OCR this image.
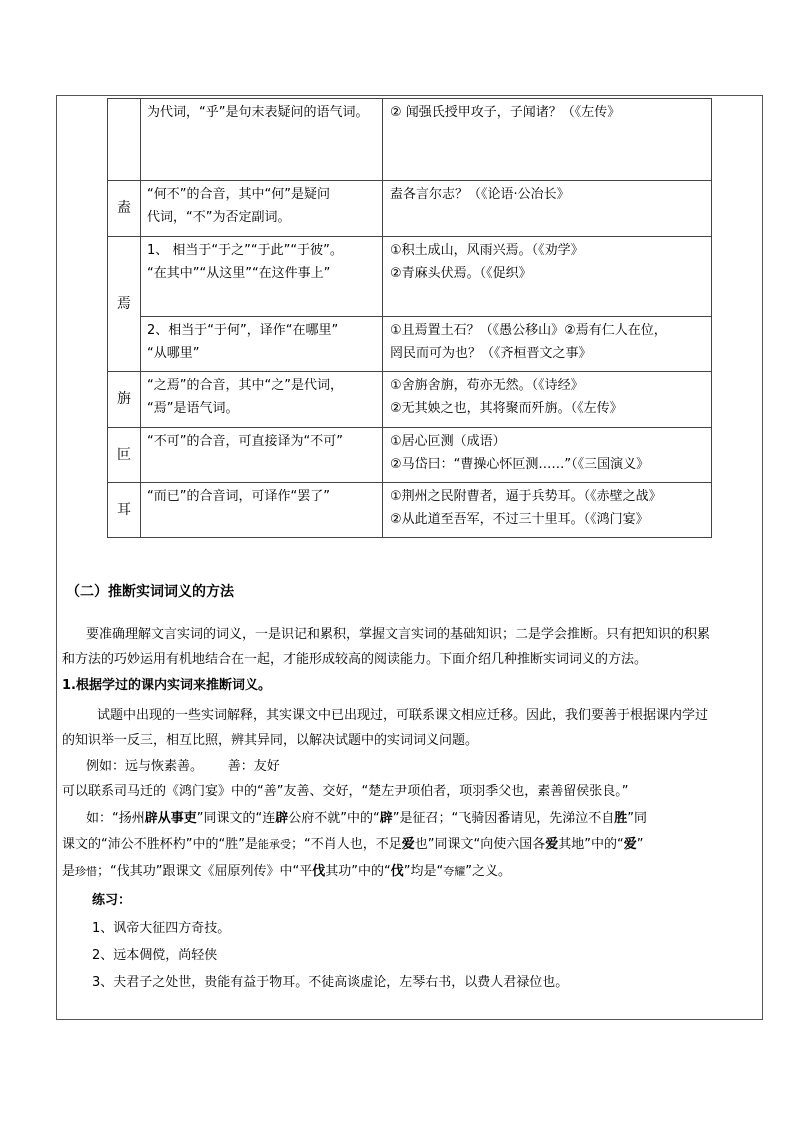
	为代词，“乎”是句末表疑问的语气词。	② 闻强氏授甲攻子，子闻诸？（《左传》

盍	“何不”的合音，其中“何”是疑问
代词，“不”为否定副词。	盍各言尔志？（《论语·公冶长》

焉	1、 相当于“于之”“于此”“于彼”。
“在其中”“从这里”“在这件事上”	①积土成山，风雨兴焉。（《劝学》
②青麻头伏焉。（《促织》

	2、相当于“于何”，译作“在哪里”
“从哪里”	①且焉置土石？（《愚公移山》②焉有仁人在位，
罔民而可为也？（《齐桓晋文之事》

旃	“之焉”的合音，其中“之”是代词，
“焉”是语气词。	①舍旃舍旃，苟亦无然。（《诗经》
②无其姎之也，其将聚而歼旃。（《左传》

叵	“不可”的合音，可直接译为“不可”	①居心叵测（成语）
②马岱曰：“曹操心怀叵测……”（《三国演义》

耳	“而已”的合音词，可译作“罢了”	①荆州之民附曹者，逼于兵势耳。（《赤壁之战》
②从此道至吾军，不过三十里耳。（《鸿门宴》
（二）推断实词词义的方法
要准确理解文言实词的词义，一是识记和累积，掌握文言实词的基础知识；二是学会推断。只有把知识的积累
和方法的巧妙运用有机地结合在一起，才能形成较高的阅读能力。下面介绍几种推断实词词义的方法。
1.根据学过的课内实词来推断词义。
试题中出现的一些实词解释，其实课文中已出现过，可联系课文相应迁移。因此，我们要善于根据课内学过
的知识举一反三，相互比照，辨其异同，以解决试题中的实词词义问题。
例如：远与恢素善。      善：友好
可以联系司马迁的《鸿门宴》中的“善”友善、交好，“楚左尹项伯者，项羽季父也，素善留侯张良。”
如：“扬州辟从事吏”同课文的“连辟公府不就”中的“辟”是征召；“飞骑因番请见，先涕泣不自胜”同
课文的“沛公不胜杯杓”中的“胜”是能承受；“不肖人也，不足爱也”同课文“向使六国各爱其地”中的“爱”
是珍惜；“伐其功”跟课文《屈原列传》中“平伐其功”中的“伐”均是“夸耀”之义。
练习：
1、讽帝大征四方奇技。
2、远本倜傥，尚轻侠
3、夫君子之处世，贵能有益于物耳。不徒高谈虚论，左琴右书，以费人君禄位也。
